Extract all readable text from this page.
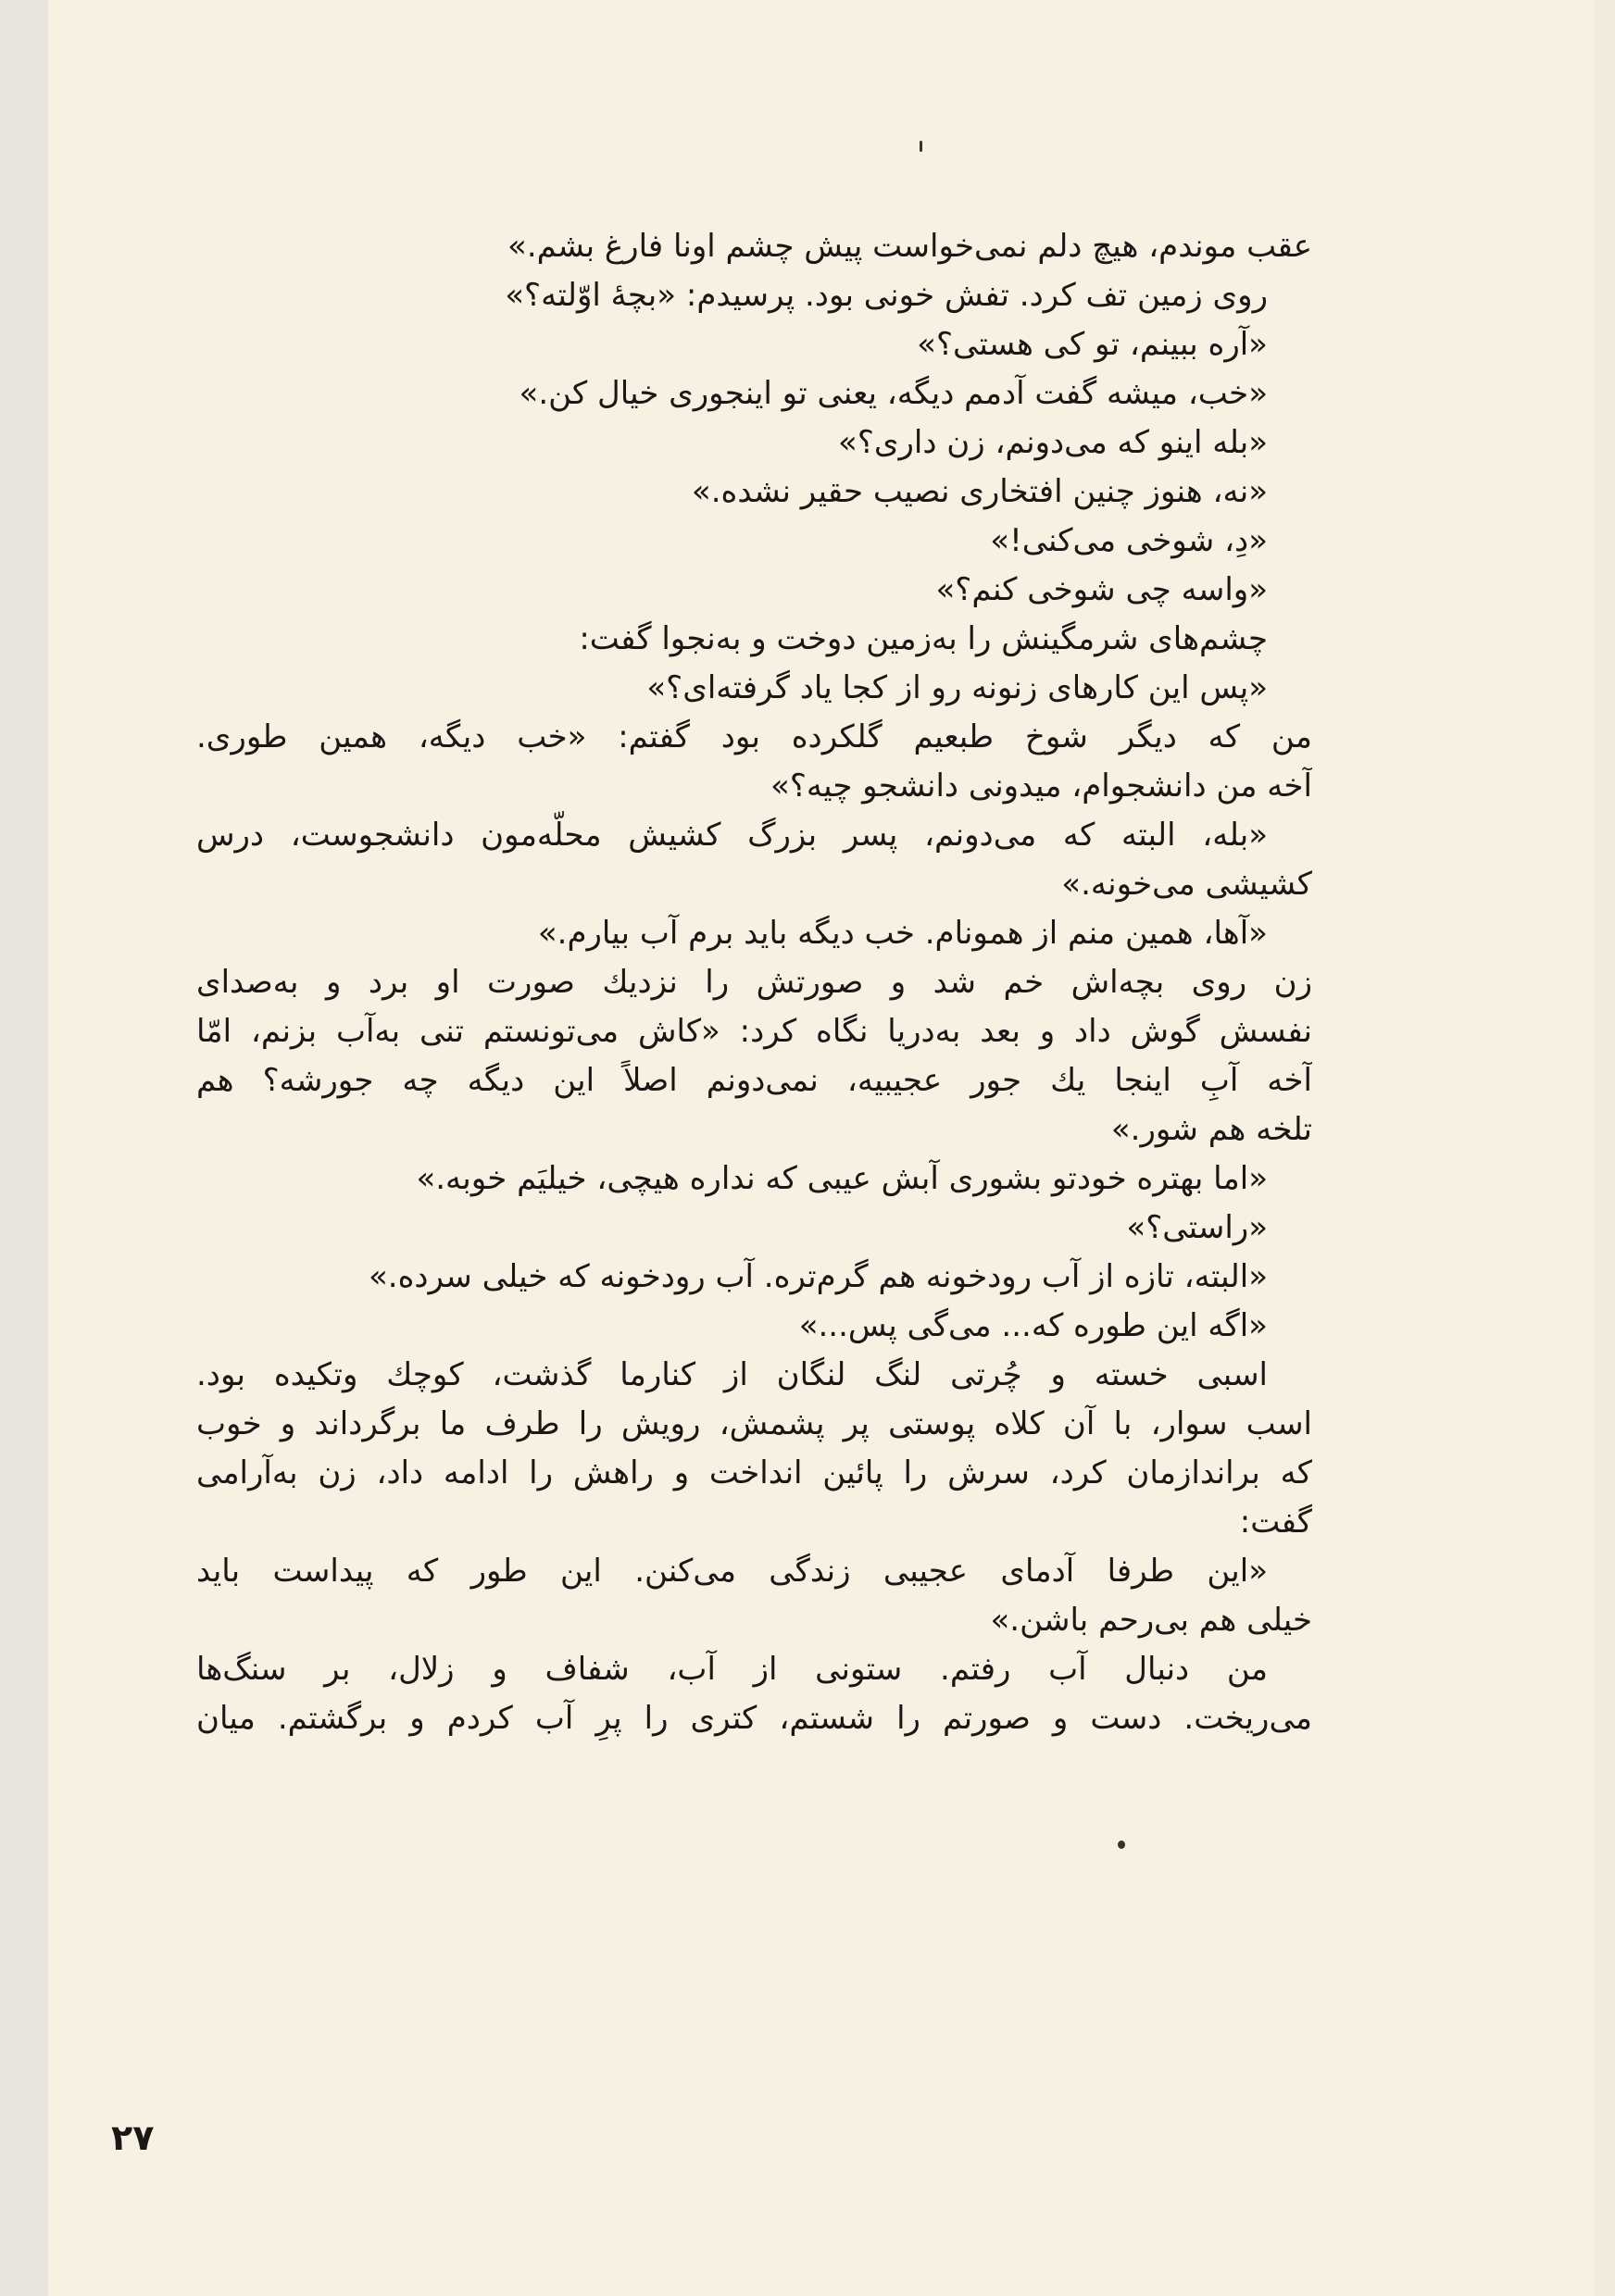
عقب موندم، هیچ دلم نمی‌خواست پیش چشم اونا فارغ بشم.»
روی زمین تف کرد. تفش خونی بود. پرسیدم: «بچهٔ اوّلته؟»
«آره ببینم، تو کی هستی؟»
«خب، میشه گفت آدمم دیگه، یعنی تو اینجوری خیال کن.»
«بله اینو که می‌دونم، زن داری؟»
«نه، هنوز چنین افتخاری نصیب حقیر نشده.»
«دِ، شوخی می‌کنی!»
«واسه چی شوخی کنم؟»
چشم‌های شرمگینش را به‌زمین دوخت و به‌نجوا گفت:
«پس این کارهای زنونه رو از کجا یاد گرفته‌ای؟»
من که دیگر شوخ طبعیم گلکرده بود گفتم: «خب دیگه، همین طوری.
آخه من دانشجوام، میدونی دانشجو چیه؟»
«بله، البته که می‌دونم، پسر بزرگ کشیش محلّه‌مون دانشجوست، درس
کشیشی می‌خونه.»
«آها، همین منم از همونام. خب دیگه باید برم آب بیارم.»
زن روی بچه‌اش خم شد و صورتش را نزدیك صورت او برد و به‌صدای
نفسش گوش داد و بعد به‌دریا نگاه کرد: «کاش می‌تونستم تنی به‌آب بزنم، امّا
آخه آبِ اینجا یك جور عجیبیه، نمی‌دونم اصلاً این دیگه چه جورشه؟ هم
تلخه هم شور.»
«اما بهتره خودتو بشوری آبش عیبی که نداره هیچی، خیلیَم خوبه.»
«راستی؟»
«البته، تازه از آب رودخونه هم گرم‌تره. آب رودخونه که خیلی سرده.»
«اگه این طوره که... می‌گی پس...»
اسبی خسته و چُرتی لنگ لنگان از کنارما گذشت، کوچك وتکیده بود.
اسب سوار، با آن کلاه پوستی پر پشمش، رویش را طرف ما برگرداند و خوب
که براندازمان کرد، سرش را پائین انداخت و راهش را ادامه داد، زن به‌آرامی
گفت:
«این طرفا آدمای عجیبی زندگی می‌کنن. این طور که پیداست باید
خیلی هم بی‌رحم باشن.»
من دنبال آب رفتم. ستونی از آب، شفاف و زلال، بر سنگ‌ها
می‌ریخت. دست و صورتم را شستم، کتری را پرِ آب کردم و برگشتم. میان
۲۷
